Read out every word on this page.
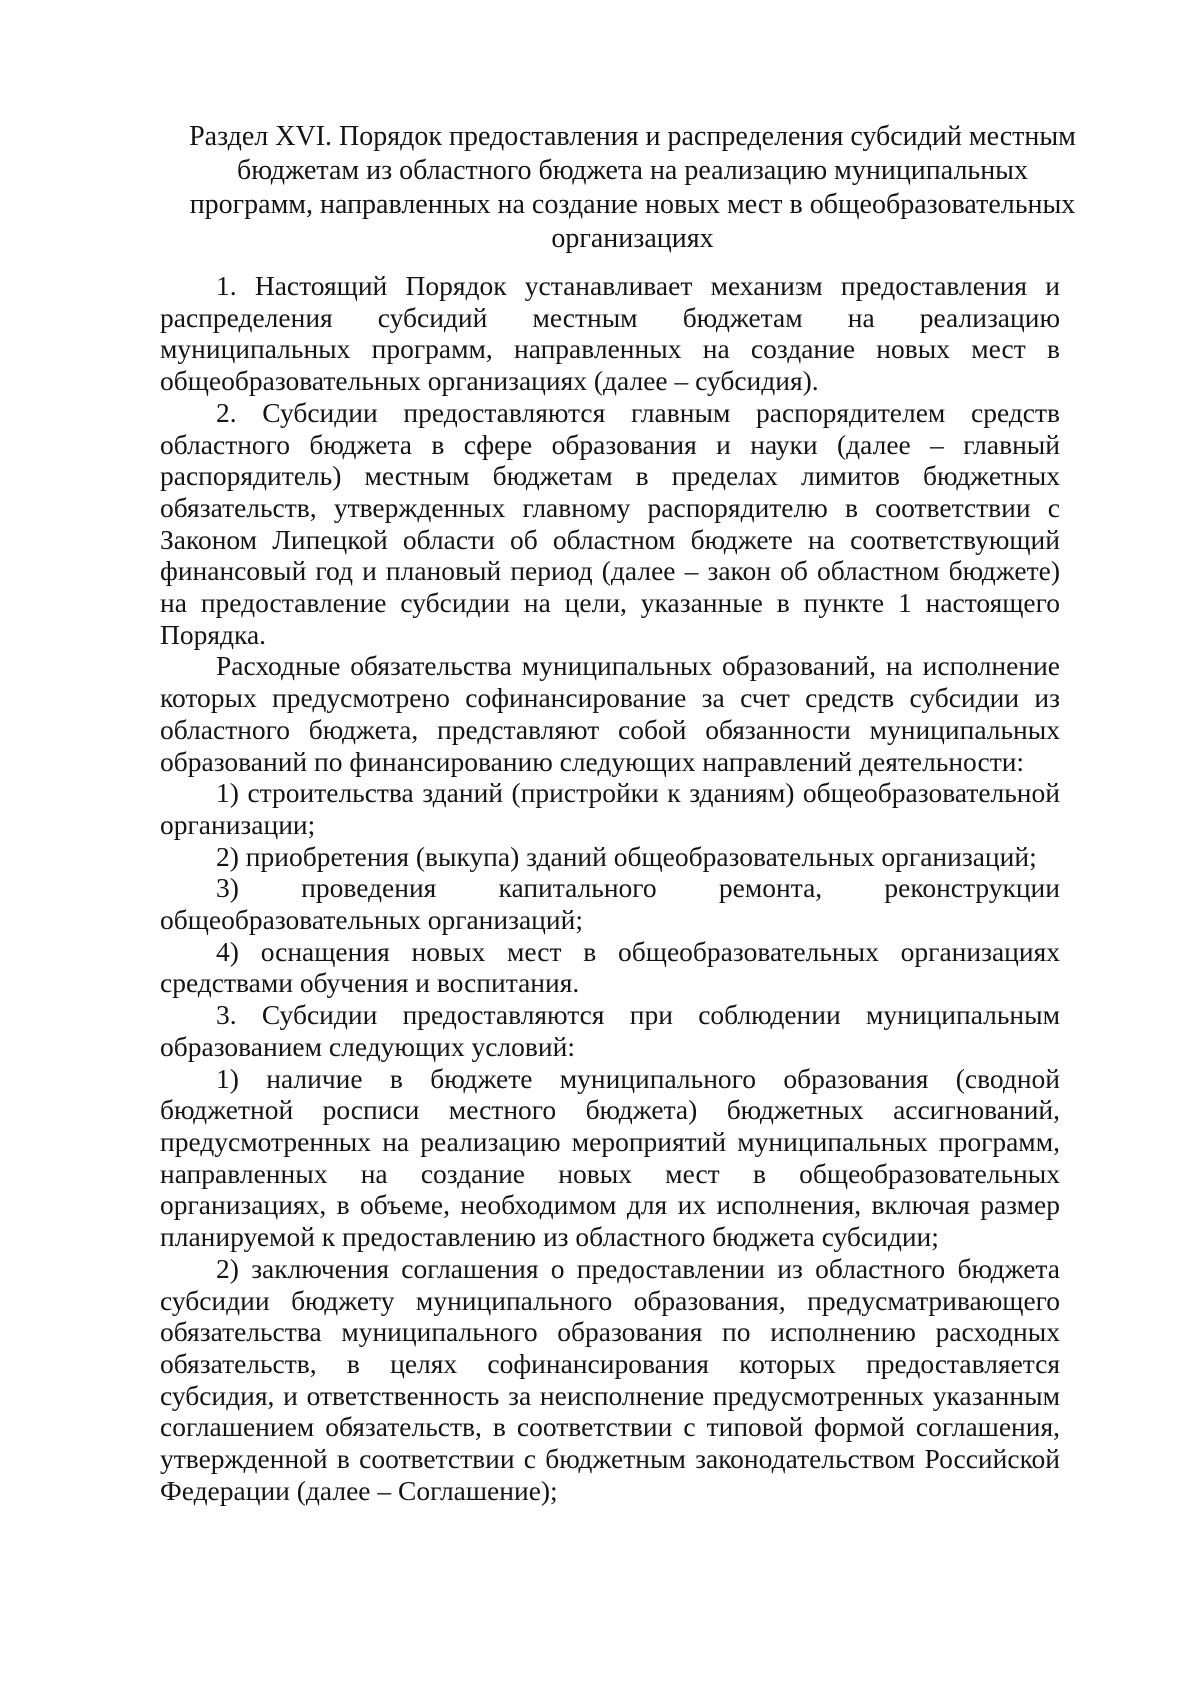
Раздел XVI. Порядок предоставления и распределения субсидий местным бюджетам из областного бюджета на реализацию муниципальных программ, направленных на создание новых мест в общеобразовательных организациях

1. Настоящий Порядок устанавливает механизм предоставления и распределения субсидий местным бюджетам на реализацию муниципальных программ, направленных на создание новых мест в общеобразовательных организациях (далее – субсидия).

2. Субсидии предоставляются главным распорядителем средств областного бюджета в сфере образования и науки (далее – главный распорядитель) местным бюджетам в пределах лимитов бюджетных обязательств, утвержденных главному распорядителю в соответствии с Законом Липецкой области об областном бюджете на соответствующий финансовый год и плановый период (далее – закон об областном бюджете) на предоставление субсидии на цели, указанные в пункте 1 настоящего Порядка.

Расходные обязательства муниципальных образований, на исполнение которых предусмотрено софинансирование за счет средств субсидии из областного бюджета, представляют собой обязанности муниципальных образований по финансированию следующих направлений деятельности:

1) строительства зданий (пристройки к зданиям) общеобразовательной организации;

2) приобретения (выкупа) зданий общеобразовательных организаций;

3) проведения капитального ремонта, реконструкции общеобразовательных организаций;

4) оснащения новых мест в общеобразовательных организациях средствами обучения и воспитания.

3. Субсидии предоставляются при соблюдении муниципальным образованием следующих условий:

1) наличие в бюджете муниципального образования (сводной бюджетной росписи местного бюджета) бюджетных ассигнований, предусмотренных на реализацию мероприятий муниципальных программ, направленных на создание новых мест в общеобразовательных организациях, в объеме, необходимом для их исполнения, включая размер планируемой к предоставлению из областного бюджета субсидии;

2) заключения соглашения о предоставлении из областного бюджета субсидии бюджету муниципального образования, предусматривающего обязательства муниципального образования по исполнению расходных обязательств, в целях софинансирования которых предоставляется субсидия, и ответственность за неисполнение предусмотренных указанным соглашением обязательств, в соответствии с типовой формой соглашения, утвержденной в соответствии с бюджетным законодательством Российской Федерации (далее – Соглашение);
